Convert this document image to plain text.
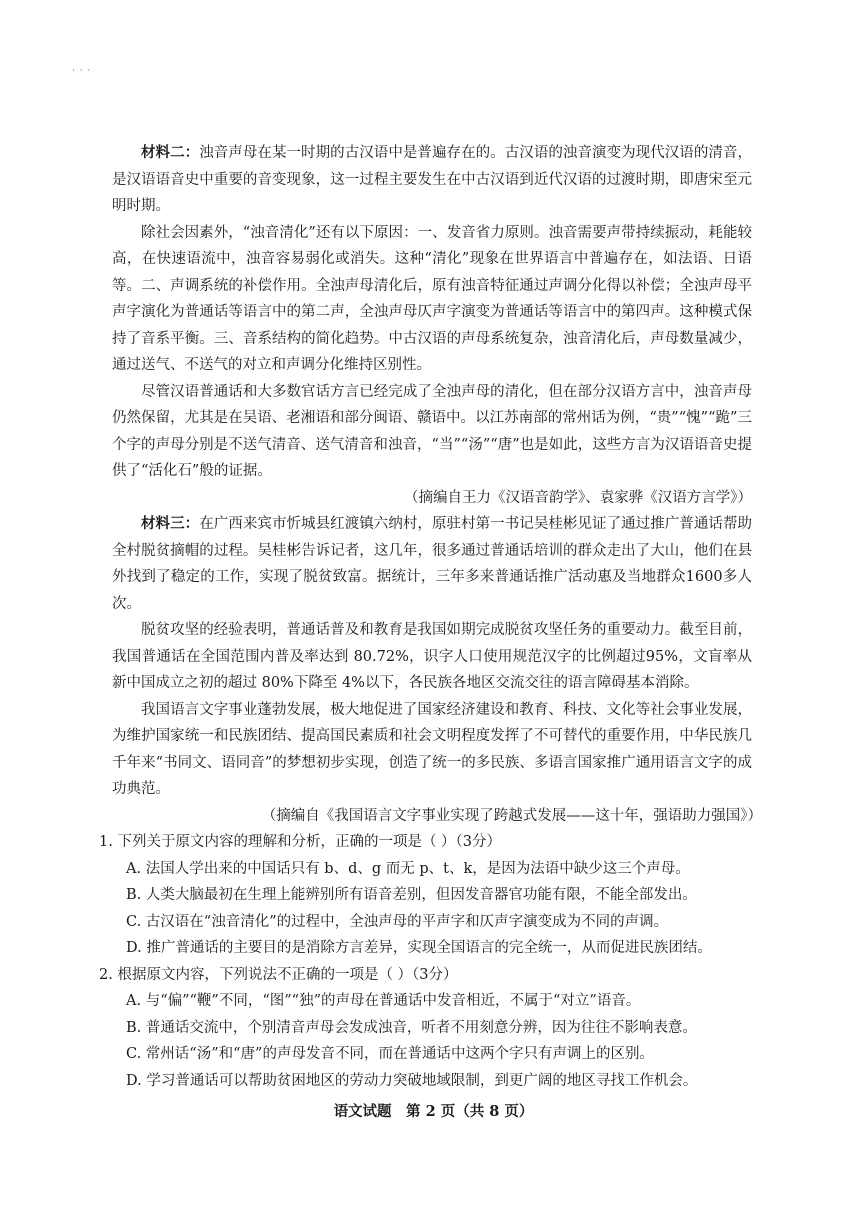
· · ·

材料二：浊音声母在某一时期的古汉语中是普遍存在的。古汉语的浊音演变为现代汉语的清音，是汉语语音史中重要的音变现象，这一过程主要发生在中古汉语到近代汉语的过渡时期，即唐宋至元明时期。

除社会因素外，“浊音清化”还有以下原因：一、发音省力原则。浊音需要声带持续振动，耗能较高，在快速语流中，浊音容易弱化或消失。这种“清化”现象在世界语言中普遍存在，如法语、日语等。二、声调系统的补偿作用。全浊声母清化后，原有浊音特征通过声调分化得以补偿；全浊声母平声字演化为普通话等语言中的第二声，全浊声母仄声字演变为普通话等语言中的第四声。这种模式保持了音系平衡。三、音系结构的简化趋势。中古汉语的声母系统复杂，浊音清化后，声母数量减少，通过送气、不送气的对立和声调分化维持区别性。

尽管汉语普通话和大多数官话方言已经完成了全浊声母的清化，但在部分汉语方言中，浊音声母仍然保留，尤其是在吴语、老湘语和部分闽语、赣语中。以江苏南部的常州话为例，“贵”“愧”“跪”三个字的声母分别是不送气清音、送气清音和浊音，“当”“汤”“唐”也是如此，这些方言为汉语语音史提供了“活化石”般的证据。

（摘编自王力《汉语音韵学》、袁家骅《汉语方言学》）

材料三：在广西来宾市忻城县红渡镇六纳村，原驻村第一书记吴桂彬见证了通过推广普通话帮助全村脱贫摘帽的过程。吴桂彬告诉记者，这几年，很多通过普通话培训的群众走出了大山，他们在县外找到了稳定的工作，实现了脱贫致富。据统计，三年多来普通话推广活动惠及当地群众1600多人次。

脱贫攻坚的经验表明，普通话普及和教育是我国如期完成脱贫攻坚任务的重要动力。截至目前，我国普通话在全国范围内普及率达到 80.72%，识字人口使用规范汉字的比例超过95%，文盲率从新中国成立之初的超过 80%下降至 4%以下，各民族各地区交流交往的语言障碍基本消除。

我国语言文字事业蓬勃发展，极大地促进了国家经济建设和教育、科技、文化等社会事业发展，为维护国家统一和民族团结、提高国民素质和社会文明程度发挥了不可替代的重要作用，中华民族几千年来“书同文、语同音”的梦想初步实现，创造了统一的多民族、多语言国家推广通用语言文字的成功典范。

（摘编自《我国语言文字事业实现了跨越式发展——这十年，强语助力强国》）

1. 下列关于原文内容的理解和分析，正确的一项是（ ）（3分）

A. 法国人学出来的中国话只有 b、d、g 而无 p、t、k，是因为法语中缺少这三个声母。

B. 人类大脑最初在生理上能辨别所有语音差别，但因发音器官功能有限，不能全部发出。

C. 古汉语在“浊音清化”的过程中，全浊声母的平声字和仄声字演变成为不同的声调。

D. 推广普通话的主要目的是消除方言差异，实现全国语言的完全统一，从而促进民族团结。

2. 根据原文内容，下列说法不正确的一项是（ ）（3分）

A. 与“偏”“鞭”不同，“图”“独”的声母在普通话中发音相近，不属于“对立”语音。

B. 普通话交流中，个别清音声母会发成浊音，听者不用刻意分辨，因为往往不影响表意。

C. 常州话“汤”和“唐”的声母发音不同，而在普通话中这两个字只有声调上的区别。

D. 学习普通话可以帮助贫困地区的劳动力突破地域限制，到更广阔的地区寻找工作机会。

语文试题　第 2 页（共 8 页）
